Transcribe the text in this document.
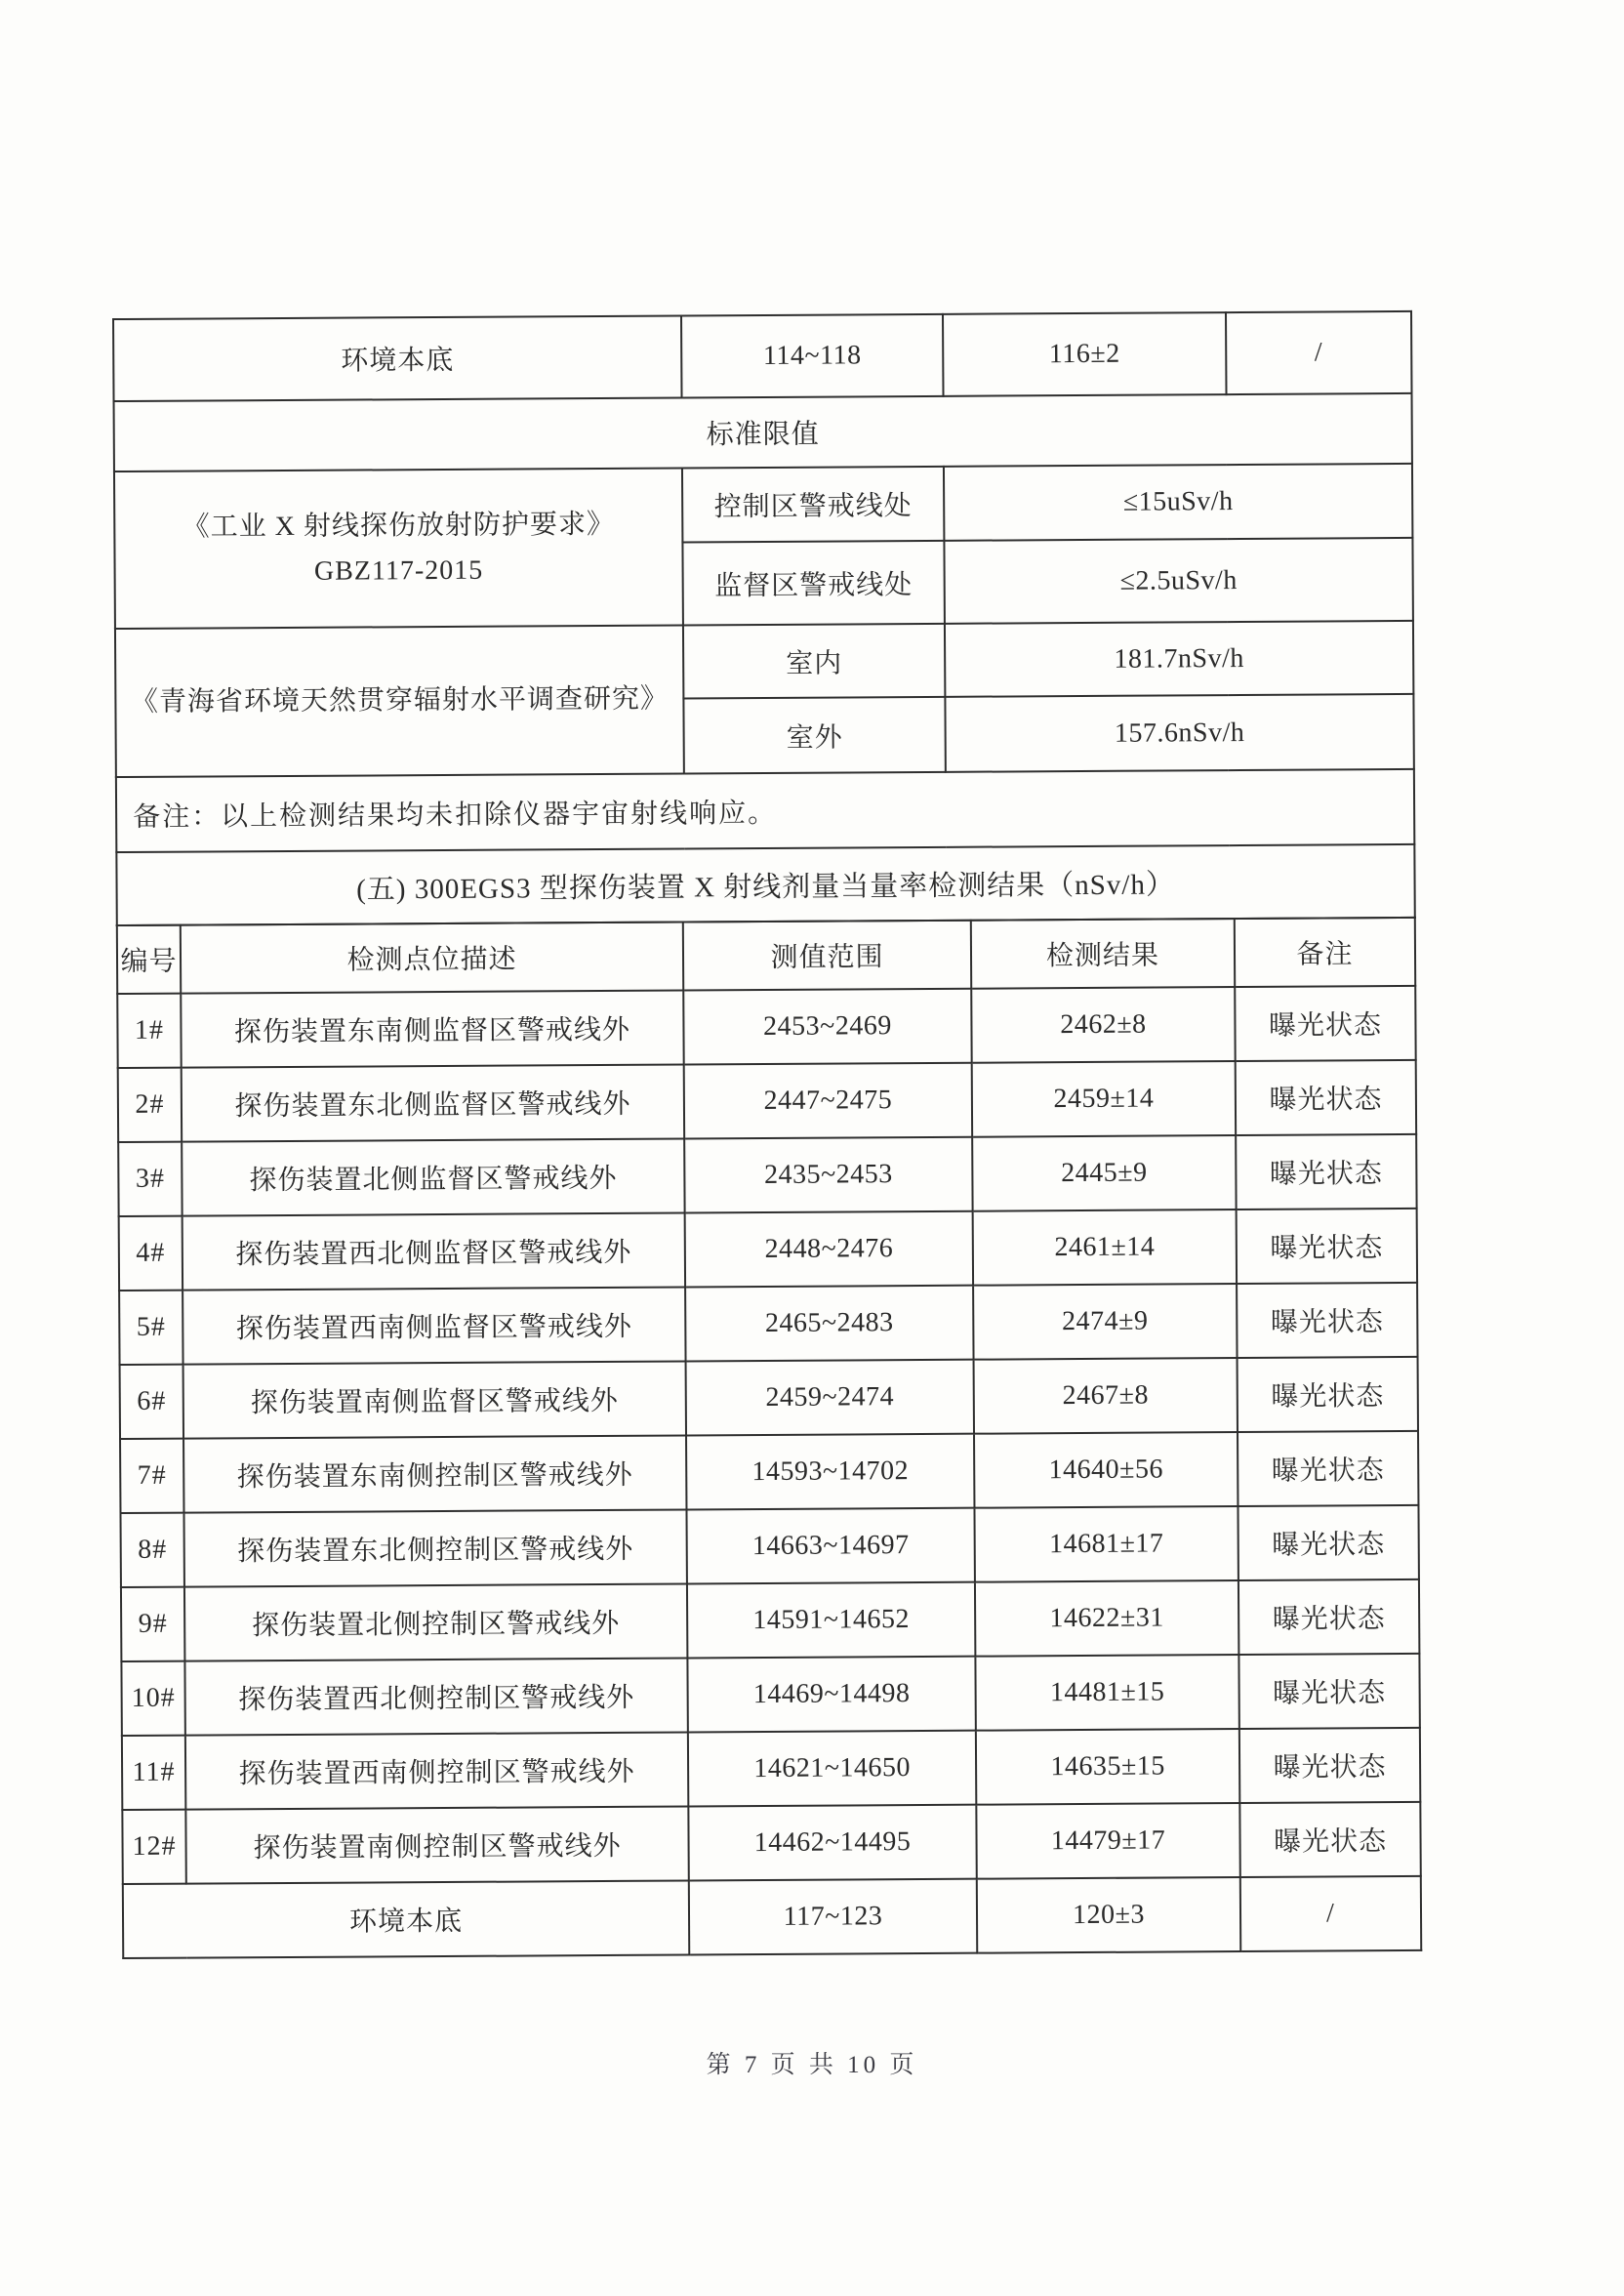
环境本底	114~118	116±2	/
标准限值			

《工业 X 射线探伤放射防护要求》
GBZ117-2015	控制区警戒线处	≤15uSv/h	
	监督区警戒线处	≤2.5uSv/h	

《青海省环境天然贯穿辐射水平调查研究》	室内	181.7nSv/h	
	室外	157.6nSv/h	
备注：以上检测结果均未扣除仪器宇宙射线响应。			
(五) 300EGS3 型探伤装置 X 射线剂量当量率检测结果（nSv/h）			
编号	检测点位描述	测值范围	检测结果	备注
1#	探伤装置东南侧监督区警戒线外	2453~2469	2462±8	曝光状态
2#	探伤装置东北侧监督区警戒线外	2447~2475	2459±14	曝光状态
3#	探伤装置北侧监督区警戒线外	2435~2453	2445±9	曝光状态
4#	探伤装置西北侧监督区警戒线外	2448~2476	2461±14	曝光状态
5#	探伤装置西南侧监督区警戒线外	2465~2483	2474±9	曝光状态
6#	探伤装置南侧监督区警戒线外	2459~2474	2467±8	曝光状态
7#	探伤装置东南侧控制区警戒线外	14593~14702	14640±56	曝光状态
8#	探伤装置东北侧控制区警戒线外	14663~14697	14681±17	曝光状态
9#	探伤装置北侧控制区警戒线外	14591~14652	14622±31	曝光状态
10#	探伤装置西北侧控制区警戒线外	14469~14498	14481±15	曝光状态
11#	探伤装置西南侧控制区警戒线外	14621~14650	14635±15	曝光状态
12#	探伤装置南侧控制区警戒线外	14462~14495	14479±17	曝光状态
环境本底		117~123	120±3	/
第 7 页 共 10 页
